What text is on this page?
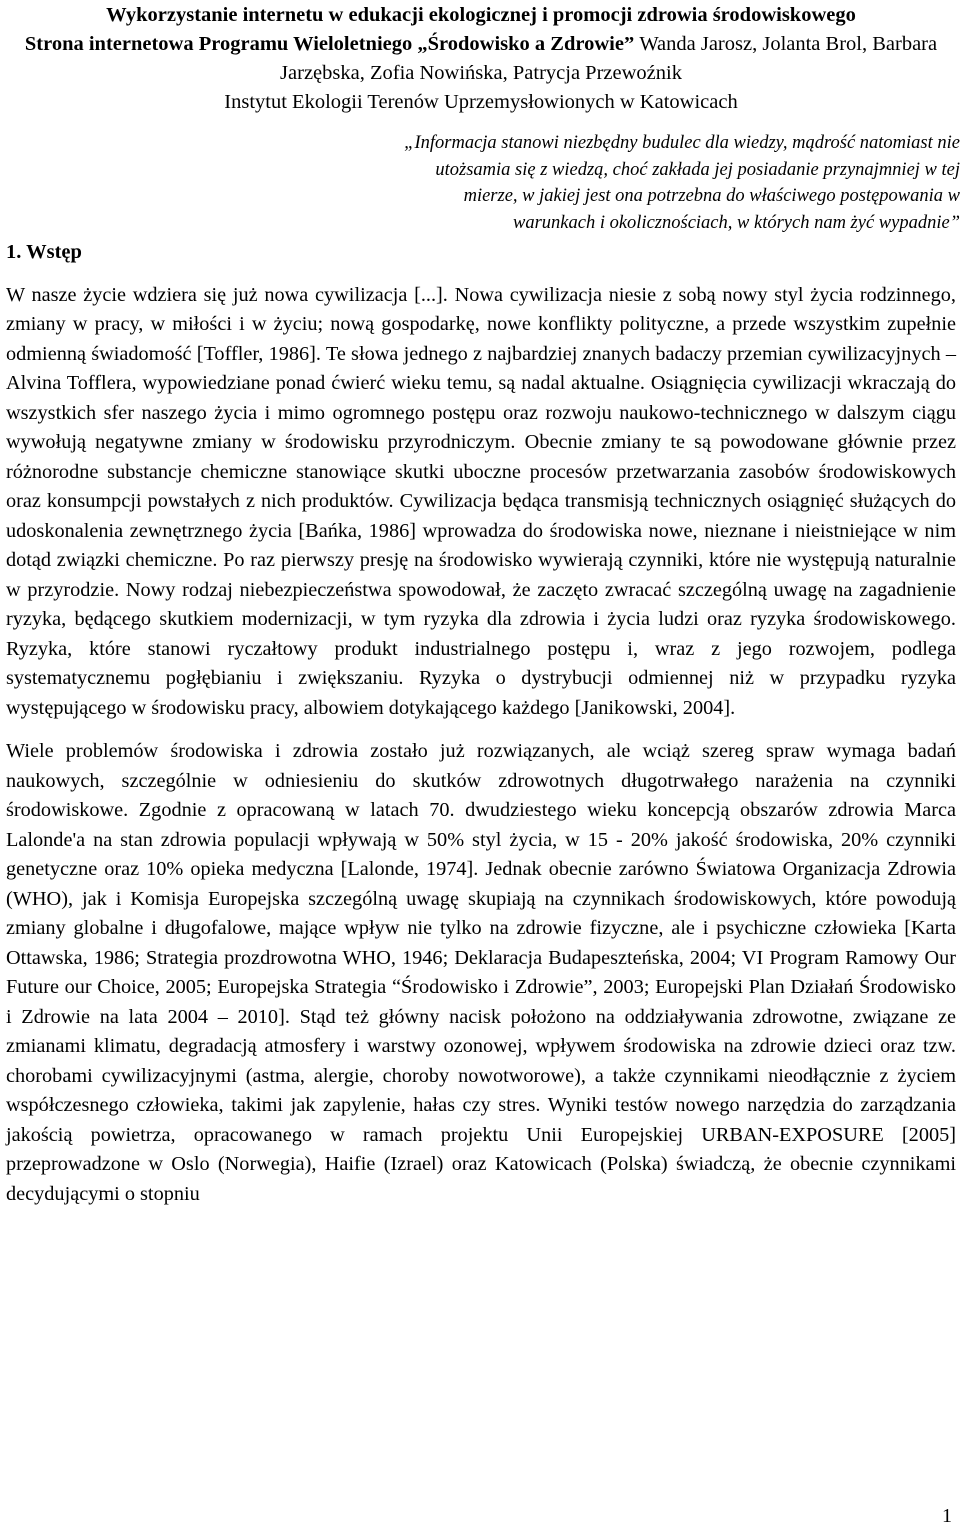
Wykorzystanie internetu w edukacji ekologicznej i promocji zdrowia środowiskowego
Strona internetowa Programu Wieloletniego „Środowisko a Zdrowie” Wanda Jarosz, Jolanta Brol, Barbara Jarzębska, Zofia Nowińska, Patrycja Przewoźnik
Instytut Ekologii Terenów Uprzemysłowionych w Katowicach
„Informacja stanowi niezbędny budulec dla wiedzy, mądrość natomiast nie utożsamia się z wiedzą, choć zakłada jej posiadanie przynajmniej w tej mierze, w jakiej jest ona potrzebna do właściwego postępowania w warunkach i okolicznościach, w których nam żyć wypadnie”
1. Wstęp

W nasze życie wdziera się już nowa cywilizacja [...]. Nowa cywilizacja niesie z sobą nowy styl życia rodzinnego, zmiany w pracy, w miłości i w życiu; nową gospodarkę, nowe konflikty polityczne, a przede wszystkim zupełnie odmienną świadomość [Toffler, 1986]. Te słowa jednego z najbardziej znanych badaczy przemian cywilizacyjnych – Alvina Tofflera, wypowiedziane ponad ćwierć wieku temu, są nadal aktualne. Osiągnięcia cywilizacji wkraczają do wszystkich sfer naszego życia i mimo ogromnego postępu oraz rozwoju naukowo-technicznego w dalszym ciągu wywołują negatywne zmiany w środowisku przyrodniczym. Obecnie zmiany te są powodowane głównie przez różnorodne substancje chemiczne stanowiące skutki uboczne procesów przetwarzania zasobów środowiskowych oraz konsumpcji powstałych z nich produktów. Cywilizacja będąca transmisją technicznych osiągnięć służących do udoskonalenia zewnętrznego życia [Bańka, 1986] wprowadza do środowiska nowe, nieznane i nieistniejące w nim dotąd związki chemiczne. Po raz pierwszy presję na środowisko wywierają czynniki, które nie występują naturalnie w przyrodzie. Nowy rodzaj niebezpieczeństwa spowodował, że zaczęto zwracać szczególną uwagę na zagadnienie ryzyka, będącego skutkiem modernizacji, w tym ryzyka dla zdrowia i życia ludzi oraz ryzyka środowiskowego. Ryzyka, które stanowi ryczałtowy produkt industrialnego postępu i, wraz z jego rozwojem, podlega systematycznemu pogłębianiu i zwiększaniu. Ryzyka o dystrybucji odmiennej niż w przypadku ryzyka występującego w środowisku pracy, albowiem dotykającego każdego [Janikowski, 2004].

Wiele problemów środowiska i zdrowia zostało już rozwiązanych, ale wciąż szereg spraw wymaga badań naukowych, szczególnie w odniesieniu do skutków zdrowotnych długotrwałego narażenia na czynniki środowiskowe. Zgodnie z opracowaną w latach 70. dwudziestego wieku koncepcją obszarów zdrowia Marca Lalonde'a na stan zdrowia populacji wpływają w 50% styl życia, w 15 - 20% jakość środowiska, 20% czynniki genetyczne oraz 10% opieka medyczna [Lalonde, 1974]. Jednak obecnie zarówno Światowa Organizacja Zdrowia (WHO), jak i Komisja Europejska szczególną uwagę skupiają na czynnikach środowiskowych, które powodują zmiany globalne i długofalowe, mające wpływ nie tylko na zdrowie fizyczne, ale i psychiczne człowieka [Karta Ottawska, 1986; Strategia prozdrowotna WHO, 1946; Deklaracja Budapeszteńska, 2004; VI Program Ramowy Our Future our Choice, 2005; Europejska Strategia “Środowisko i Zdrowie”, 2003; Europejski Plan Działań Środowisko i Zdrowie na lata 2004 – 2010]. Stąd też główny nacisk położono na oddziaływania zdrowotne, związane ze zmianami klimatu, degradacją atmosfery i warstwy ozonowej, wpływem środowiska na zdrowie dzieci oraz tzw. chorobami cywilizacyjnymi (astma, alergie, choroby nowotworowe), a także czynnikami nieodłącznie z życiem współczesnego człowieka, takimi jak zapylenie, hałas czy stres. Wyniki testów nowego narzędzia do zarządzania jakością powietrza, opracowanego w ramach projektu Unii Europejskiej URBAN-EXPOSURE [2005] przeprowadzone w Oslo (Norwegia), Haifie (Izrael) oraz Katowicach (Polska) świadczą, że obecnie czynnikami decydującymi o stopniu

1
